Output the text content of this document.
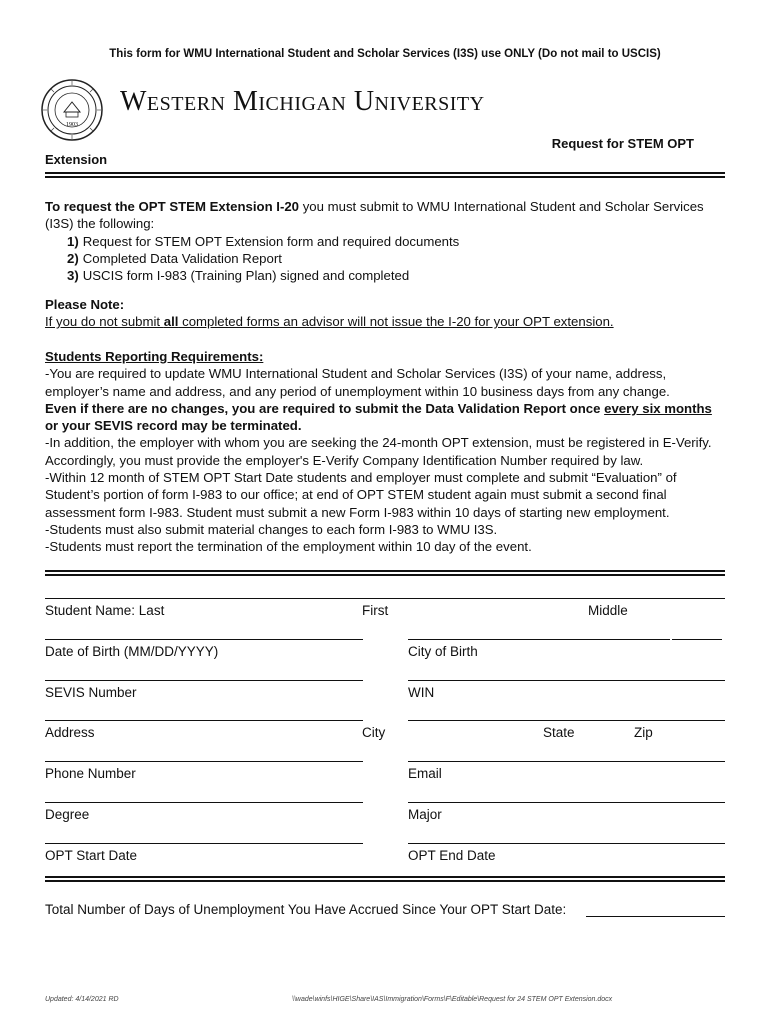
This form for WMU International Student and Scholar Services (I3S) use ONLY (Do not mail to USCIS)
1903
Western Michigan University
Request for STEM OPT
Extension

To request the OPT STEM Extension I-20 you must submit to WMU International Student and Scholar Services (I3S) the following:

1) Request for STEM OPT Extension form and required documents
2) Completed Data Validation Report
3) USCIS form I-983 (Training Plan) signed and completed

Please Note:

If you do not submit all completed forms an advisor will not issue the I-20 for your OPT extension.

Students Reporting Requirements:

-You are required to update WMU International Student and Scholar Services (I3S) of your name, address, employer’s name and address, and any period of unemployment within 10 business days from any change.

Even if there are no changes, you are required to submit the Data Validation Report once every six months or your SEVIS record may be terminated.

-In addition, the employer with whom you are seeking the 24-month OPT extension, must be registered in E-Verify. Accordingly, you must provide the employer's E-Verify Company Identification Number required by law.

-Within 12 month of STEM OPT Start Date students and employer must complete and submit “Evaluation” of Student’s portion of form I-983 to our office; at end of OPT STEM student again must submit a second final assessment form I-983. Student must submit a new Form I-983 within 10 days of starting new employment.

-Students must also submit material changes to each form I-983 to WMU I3S.

-Students must report the termination of the employment within 10 day of the event.

Student Name: Last	First	Middle
Date of Birth (MM/DD/YYYY)	City of Birth
SEVIS Number	WIN
Address	City	State	Zip
Phone Number	Email
Degree	Major
OPT Start Date	OPT End Date
Total Number of Days of Unemployment You Have Accrued Since Your OPT Start Date:
Updated: 4/14/2021 RD	\\wade\winfs\HIGE\Share\IAS\Immigration\Forms\F\Editable\Request for 24 STEM OPT Extension.docx
